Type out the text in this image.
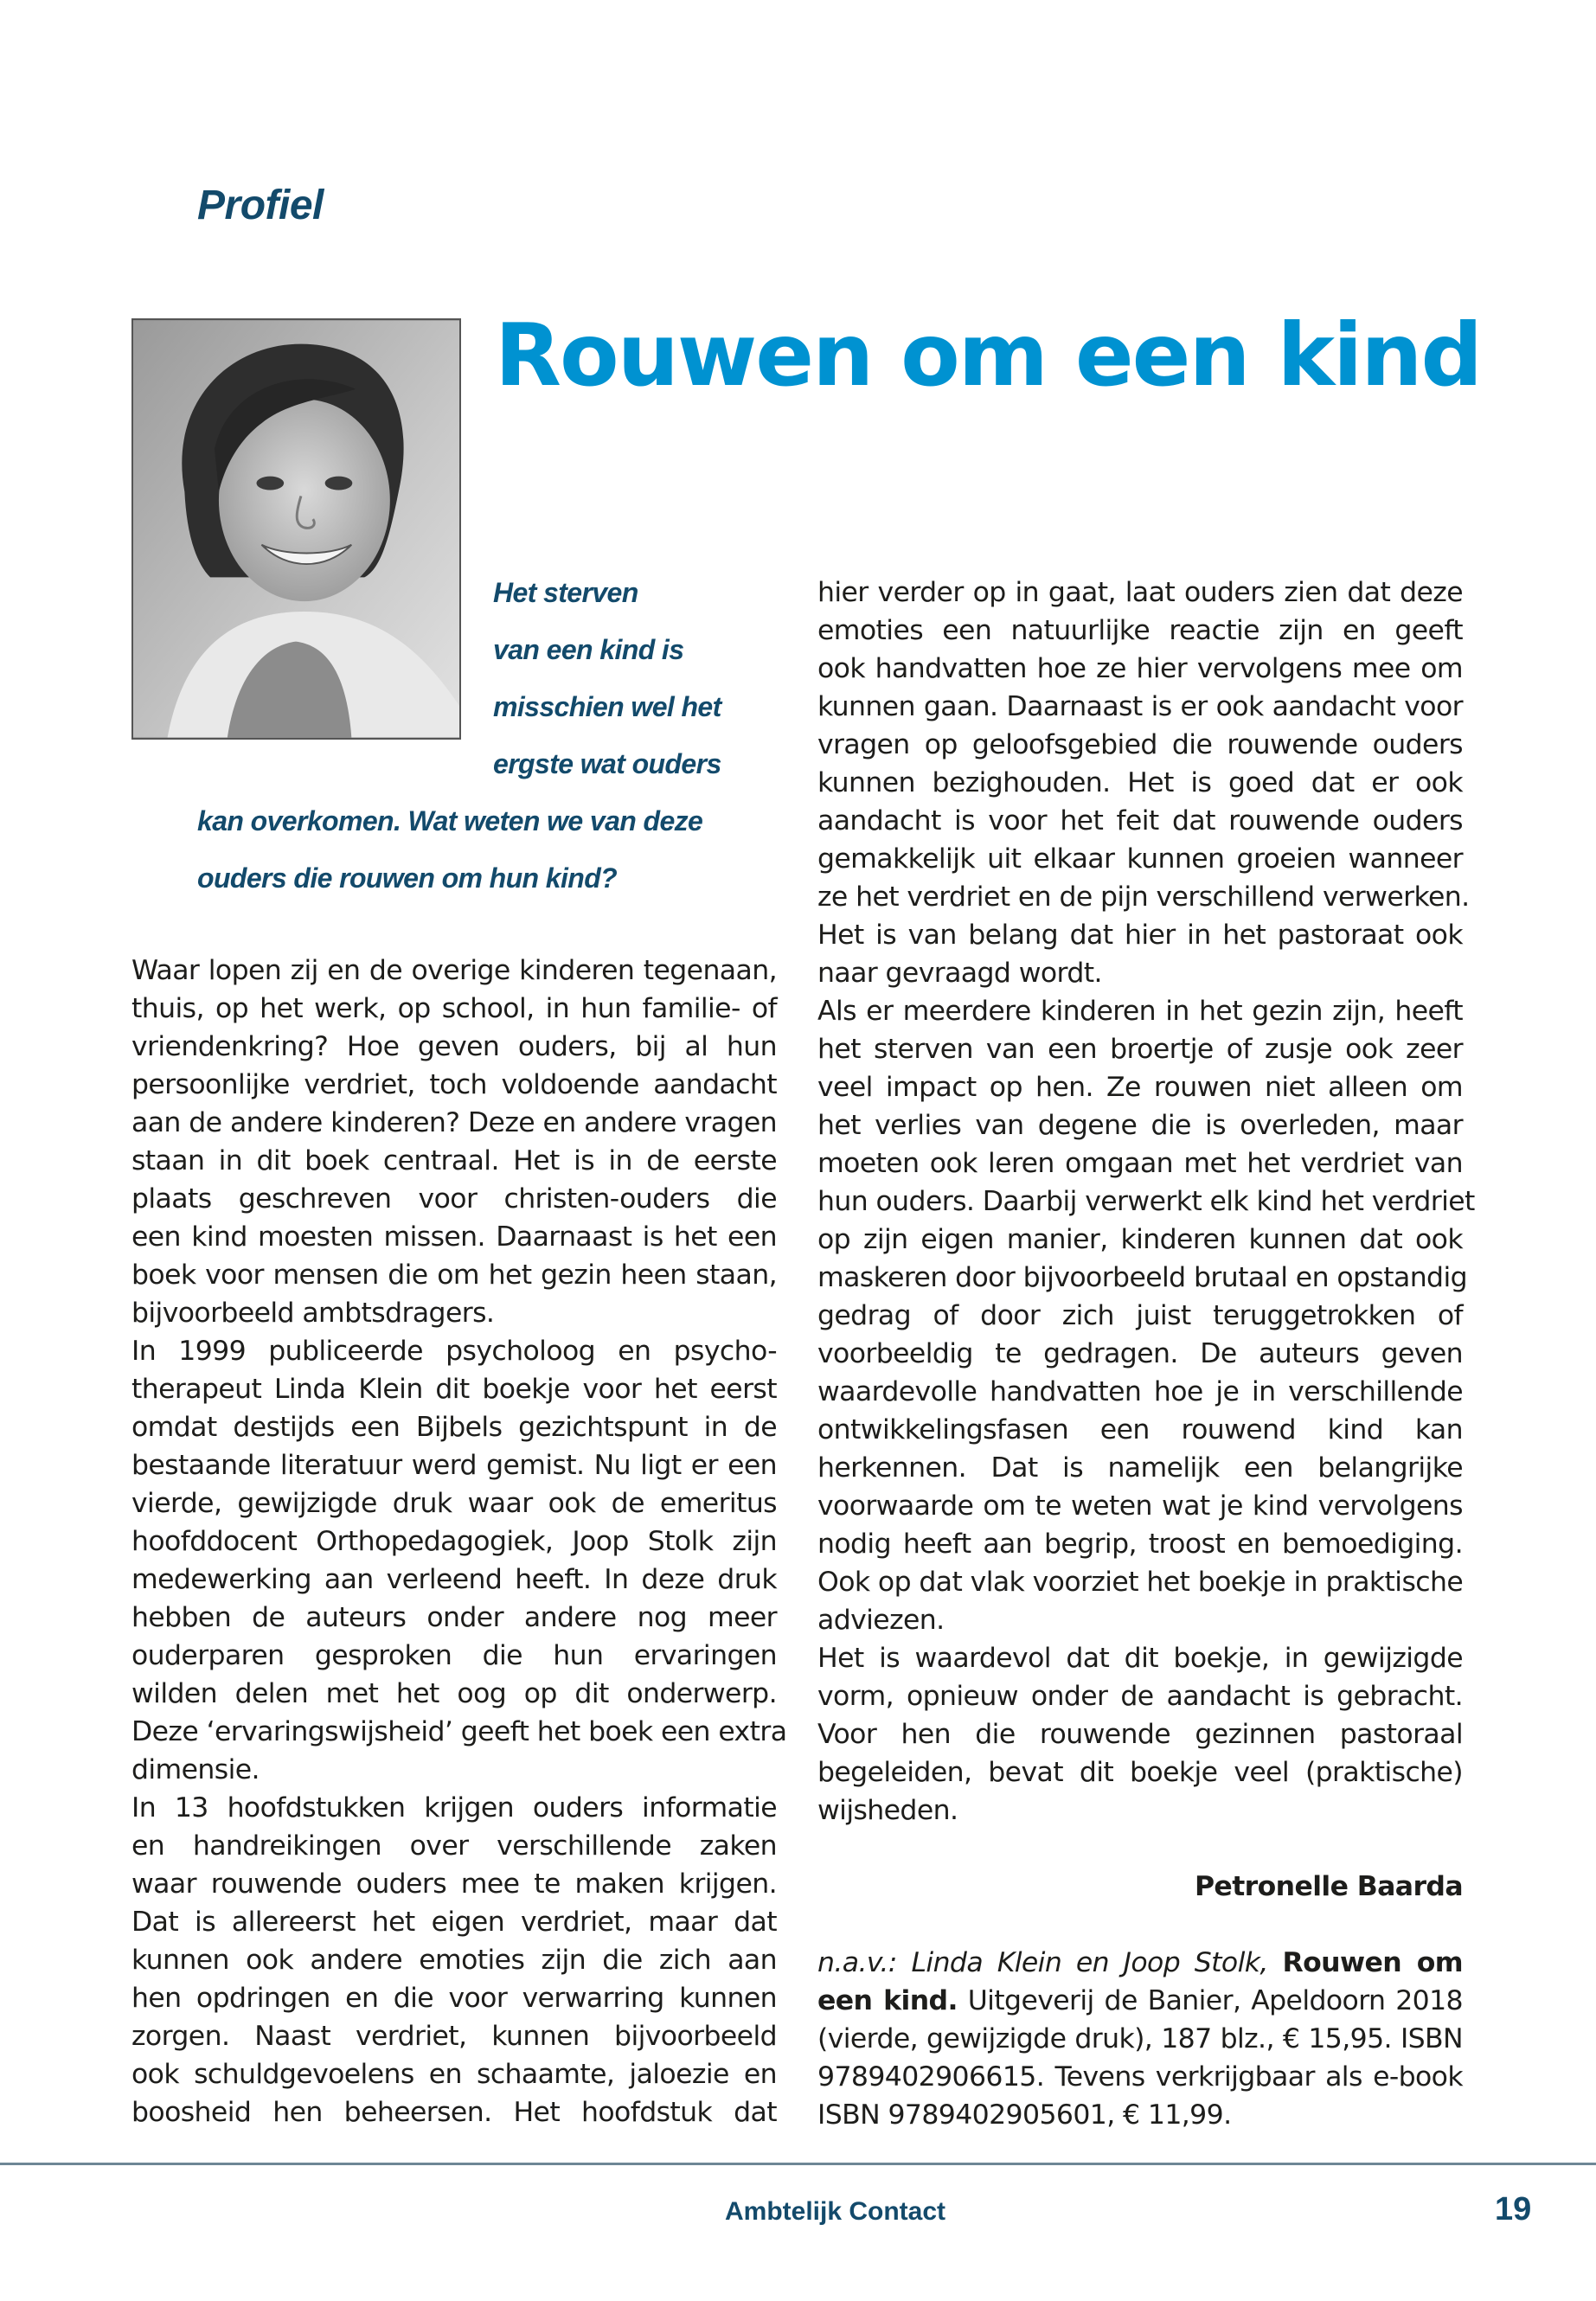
Profiel
Rouwen om een kind
Het sterven
van een kind is
misschien wel het
ergste wat ouders
kan overkomen. Wat weten we van deze
ouders die rouwen om hun kind?
Waar lopen zij en de overige kinderen tegenaan,
thuis, op het werk, op school, in hun familie- of
vriendenkring? Hoe geven ouders, bij al hun
persoonlijke verdriet, toch voldoende aandacht
aan de andere kinderen? Deze en andere vragen
staan in dit boek centraal. Het is in de eerste
plaats geschreven voor christen-ouders die
een kind moesten missen. Daarnaast is het een
boek voor mensen die om het gezin heen staan,
bijvoorbeeld ambtsdragers.
In 1999 publiceerde psycholoog en psycho-
therapeut Linda Klein dit boekje voor het eerst
omdat destijds een Bijbels gezichtspunt in de
bestaande literatuur werd gemist. Nu ligt er een
vierde, gewijzigde druk waar ook de emeritus
hoofddocent Orthopedagogiek, Joop Stolk zijn
medewerking aan verleend heeft. In deze druk
hebben de auteurs onder andere nog meer
ouderparen gesproken die hun ervaringen
wilden delen met het oog op dit onderwerp.
Deze ‘ervaringswijsheid’ geeft het boek een extra
dimensie.
In 13 hoofdstukken krijgen ouders informatie
en handreikingen over verschillende zaken
waar rouwende ouders mee te maken krijgen.
Dat is allereerst het eigen verdriet, maar dat
kunnen ook andere emoties zijn die zich aan
hen opdringen en die voor verwarring kunnen
zorgen. Naast verdriet, kunnen bijvoorbeeld
ook schuldgevoelens en schaamte, jaloezie en
boosheid hen beheersen. Het hoofdstuk dat
hier verder op in gaat, laat ouders zien dat deze
emoties een natuurlijke reactie zijn en geeft
ook handvatten hoe ze hier vervolgens mee om
kunnen gaan. Daarnaast is er ook aandacht voor
vragen op geloofsgebied die rouwende ouders
kunnen bezighouden. Het is goed dat er ook
aandacht is voor het feit dat rouwende ouders
gemakkelijk uit elkaar kunnen groeien wanneer
ze het verdriet en de pijn verschillend verwerken.
Het is van belang dat hier in het pastoraat ook
naar gevraagd wordt.
Als er meerdere kinderen in het gezin zijn, heeft
het sterven van een broertje of zusje ook zeer
veel impact op hen. Ze rouwen niet alleen om
het verlies van degene die is overleden, maar
moeten ook leren omgaan met het verdriet van
hun ouders. Daarbij verwerkt elk kind het verdriet
op zijn eigen manier, kinderen kunnen dat ook
maskeren door bijvoorbeeld brutaal en opstandig
gedrag of door zich juist teruggetrokken of
voorbeeldig te gedragen. De auteurs geven
waardevolle handvatten hoe je in verschillende
ontwikkelingsfasen een rouwend kind kan
herkennen. Dat is namelijk een belangrijke
voorwaarde om te weten wat je kind vervolgens
nodig heeft aan begrip, troost en bemoediging.
Ook op dat vlak voorziet het boekje in praktische
adviezen.
Het is waardevol dat dit boekje, in gewijzigde
vorm, opnieuw onder de aandacht is gebracht.
Voor hen die rouwende gezinnen pastoraal
begeleiden, bevat dit boekje veel (praktische)
wijsheden.
Petronelle Baarda
n.a.v.: Linda Klein en Joop Stolk, Rouwen om
een kind. Uitgeverij de Banier, Apeldoorn 2018
(vierde, gewijzigde druk), 187 blz., € 15,95. ISBN
9789402906615. Tevens verkrijgbaar als e-book
ISBN 9789402905601, € 11,99.
Ambtelijk Contact	19
